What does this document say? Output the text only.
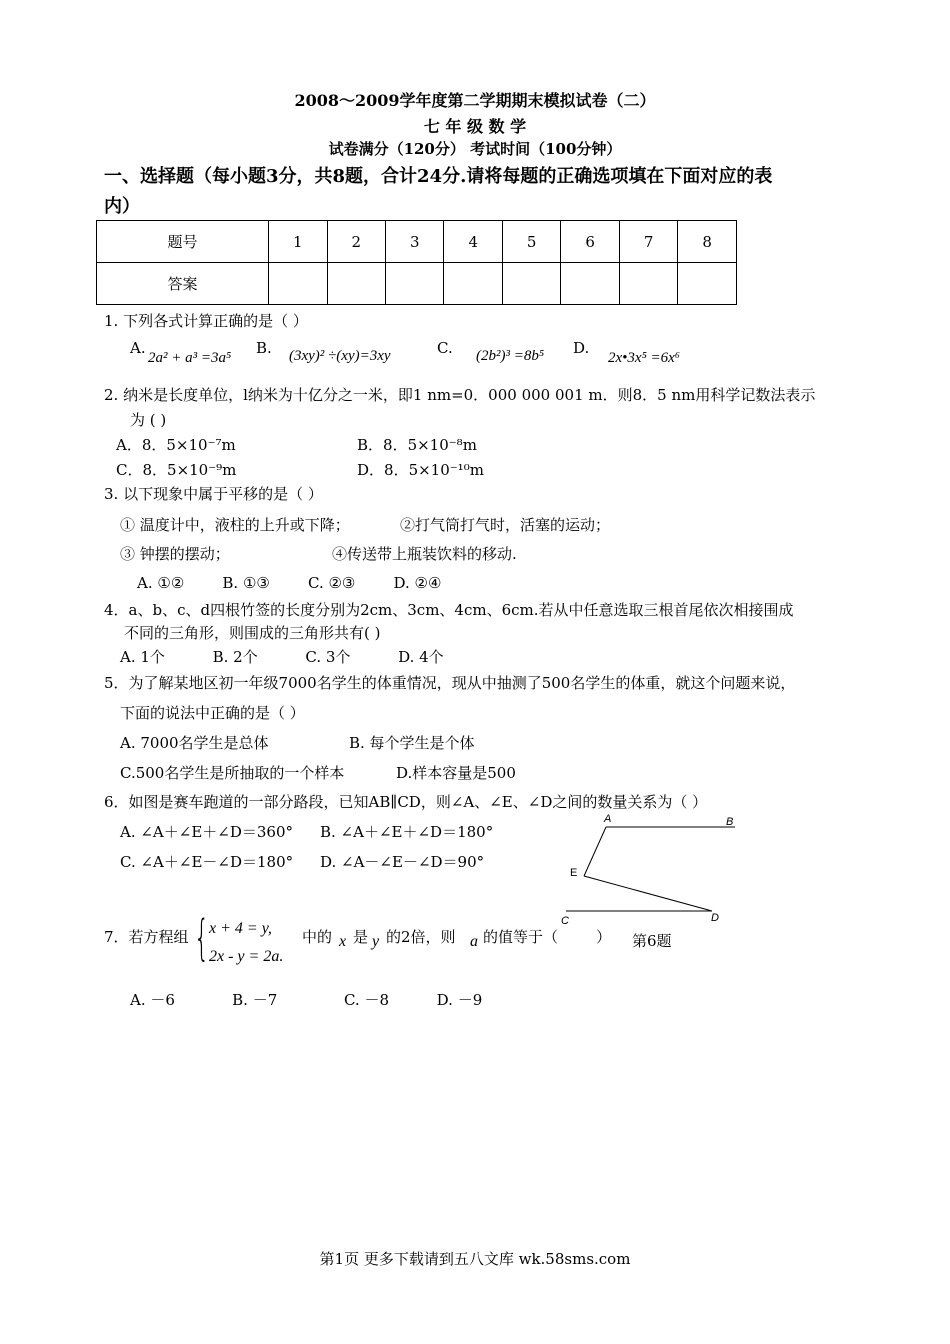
2008～2009学年度第二学期期末模拟试卷（二）
七 年 级 数 学
试卷满分（120分） 考试时间（100分钟）
一、选择题（每小题3分，共8题，合计24分.请将每题的正确选项填在下面对应的表
内）
题号	1	2	3	4	5	6	7	8
答案								
1. 下列各式计算正确的是（ ）
A.
2a² + a³ =3a⁵
B. (3xy)² ÷(xy)=3xy	C. (2b²)³ =8b⁵ D.
2x•3x⁵ =6x⁶
2. 纳米是长度单位，l纳米为十亿分之一米，即1 nm=0．000 000 001 m．则8．5 nm用科学记数法表示
为 ( )
A．8．5×10⁻⁷m	B．8．5×10⁻⁸m
C．8．5×10⁻⁹m	D．8．5×10⁻¹⁰m
3. 以下现象中属于平移的是（ ）
① 温度计中，液柱的上升或下降；	②打气筒打气时，活塞的运动；
③ 钟摆的摆动；	④传送带上瓶装饮料的移动.
A. ①②        B. ①③        C. ②③        D. ②④
4．a、b、c、d四根竹签的长度分别为2cm、3cm、4cm、6cm.若从中任意选取三根首尾依次相接围成
不同的三角形，则围成的三角形共有( )
A. 1个          B. 2个          C. 3个          D. 4个
5．为了解某地区初一年级7000名学生的体重情况，现从中抽测了500名学生的体重，就这个问题来说，
下面的说法中正确的是（ ）
A. 7000名学生是总体	B. 每个学生是个体
C.500名学生是所抽取的一个样本	D.样本容量是500
6．如图是赛车跑道的一部分路段，已知AB∥CD，则∠A、∠E、∠D之间的数量关系为（ ）
A. ∠A＋∠E＋∠D＝360° B. ∠A＋∠E＋∠D＝180°
C. ∠A＋∠E－∠D＝180° D. ∠A－∠E－∠D＝90°
A	B
E
C	D
7．若方程组 { x + 4 = y,
2x - y = 2a.
中的 x 是 y 的2倍，则 a 的值等于（        ） 第6题
A. －6            B. －7              C. －8          D. －9
第1页 更多下载请到五八文库 wk.58sms.com
